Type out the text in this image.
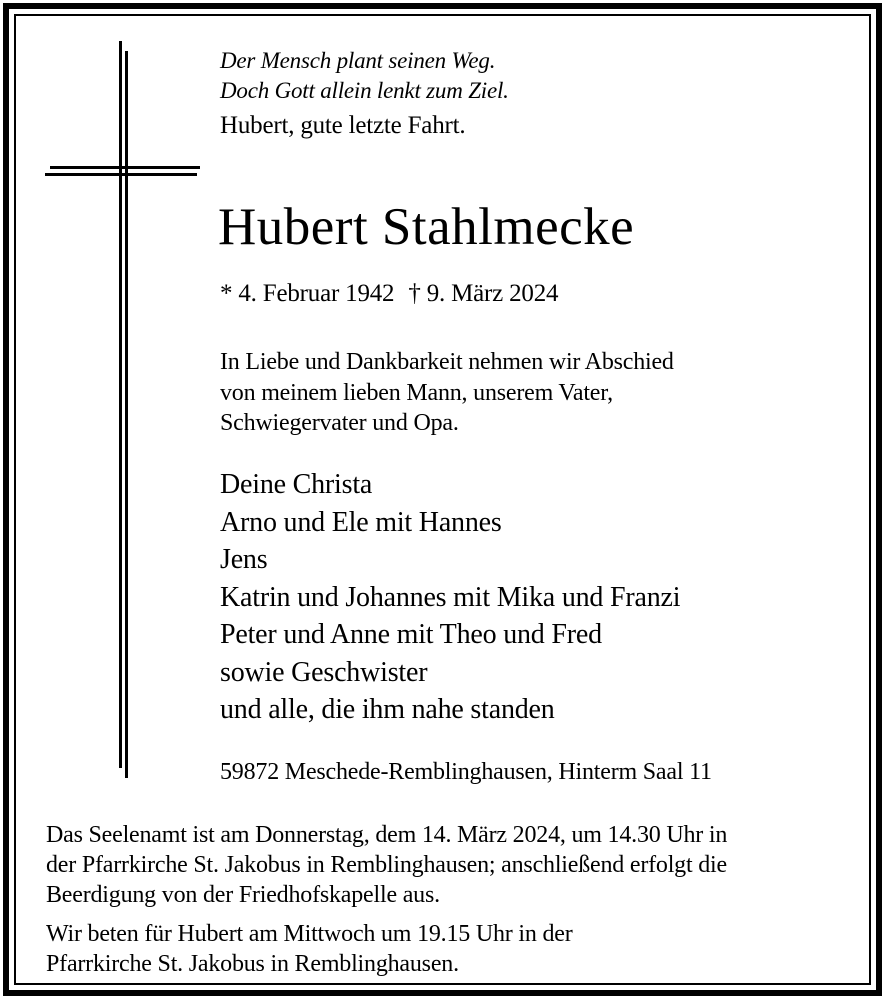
Der Mensch plant seinen Weg.
Doch Gott allein lenkt zum Ziel.
Hubert, gute letzte Fahrt.
Hubert Stahlmecke
* 4. Februar 1942 † 9. März 2024
In Liebe und Dankbarkeit nehmen wir Abschied
von meinem lieben Mann, unserem Vater,
Schwiegervater und Opa.
Deine Christa
Arno und Ele mit Hannes
Jens
Katrin und Johannes mit Mika und Franzi
Peter und Anne mit Theo und Fred
sowie Geschwister
und alle, die ihm nahe standen
59872 Meschede-Remblinghausen, Hinterm Saal 11
Das Seelenamt ist am Donnerstag, dem 14. März 2024, um 14.30 Uhr in
der Pfarrkirche St. Jakobus in Remblinghausen; anschließend erfolgt die
Beerdigung von der Friedhofskapelle aus.
Wir beten für Hubert am Mittwoch um 19.15 Uhr in der
Pfarrkirche St. Jakobus in Remblinghausen.
